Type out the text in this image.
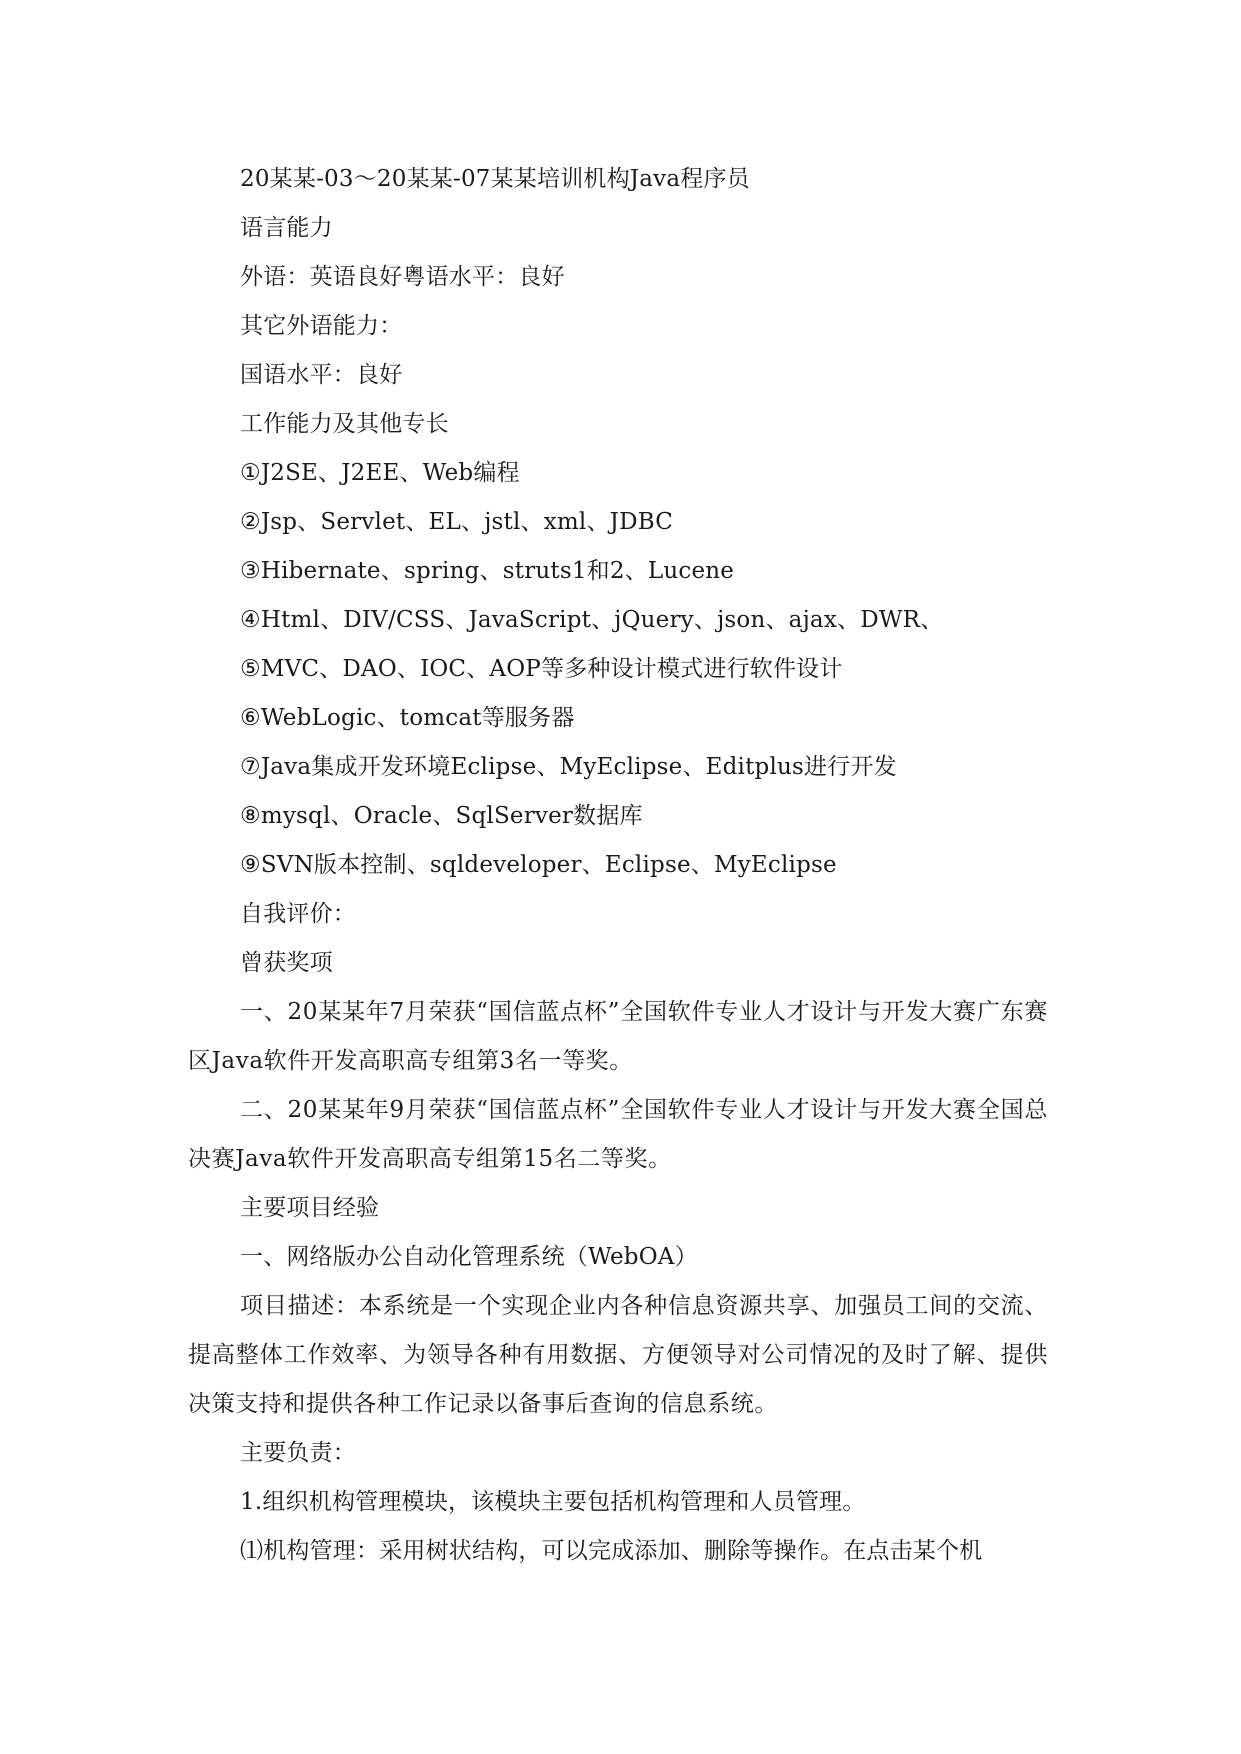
20某某-03～20某某-07某某培训机构Java程序员
语言能力
外语：英语良好粤语水平：良好
其它外语能力：
国语水平：良好
工作能力及其他专长
①J2SE、J2EE、Web编程
②Jsp、Servlet、EL、jstl、xml、JDBC
③Hibernate、spring、struts1和2、Lucene
④Html、DIV/CSS、JavaScript、jQuery、json、ajax、DWR、
⑤MVC、DAO、IOC、AOP等多种设计模式进行软件设计
⑥WebLogic、tomcat等服务器
⑦Java集成开发环境Eclipse、MyEclipse、Editplus进行开发
⑧mysql、Oracle、SqlServer数据库
⑨SVN版本控制、sqldeveloper、Eclipse、MyEclipse
自我评价：
曾获奖项

一、20某某年7月荣获“国信蓝点杯”全国软件专业人才设计与开发大赛广东赛区Java软件开发高职高专组第3名一等奖。

二、20某某年9月荣获“国信蓝点杯”全国软件专业人才设计与开发大赛全国总决赛Java软件开发高职高专组第15名二等奖。

主要项目经验
一、网络版办公自动化管理系统（WebOA）

项目描述：本系统是一个实现企业内各种信息资源共享、加强员工间的交流、提高整体工作效率、为领导各种有用数据、方便领导对公司情况的及时了解、提供决策支持和提供各种工作记录以备事后查询的信息系统。

主要负责：
1.组织机构管理模块，该模块主要包括机构管理和人员管理。
⑴机构管理：采用树状结构，可以完成添加、删除等操作。在点击某个机
